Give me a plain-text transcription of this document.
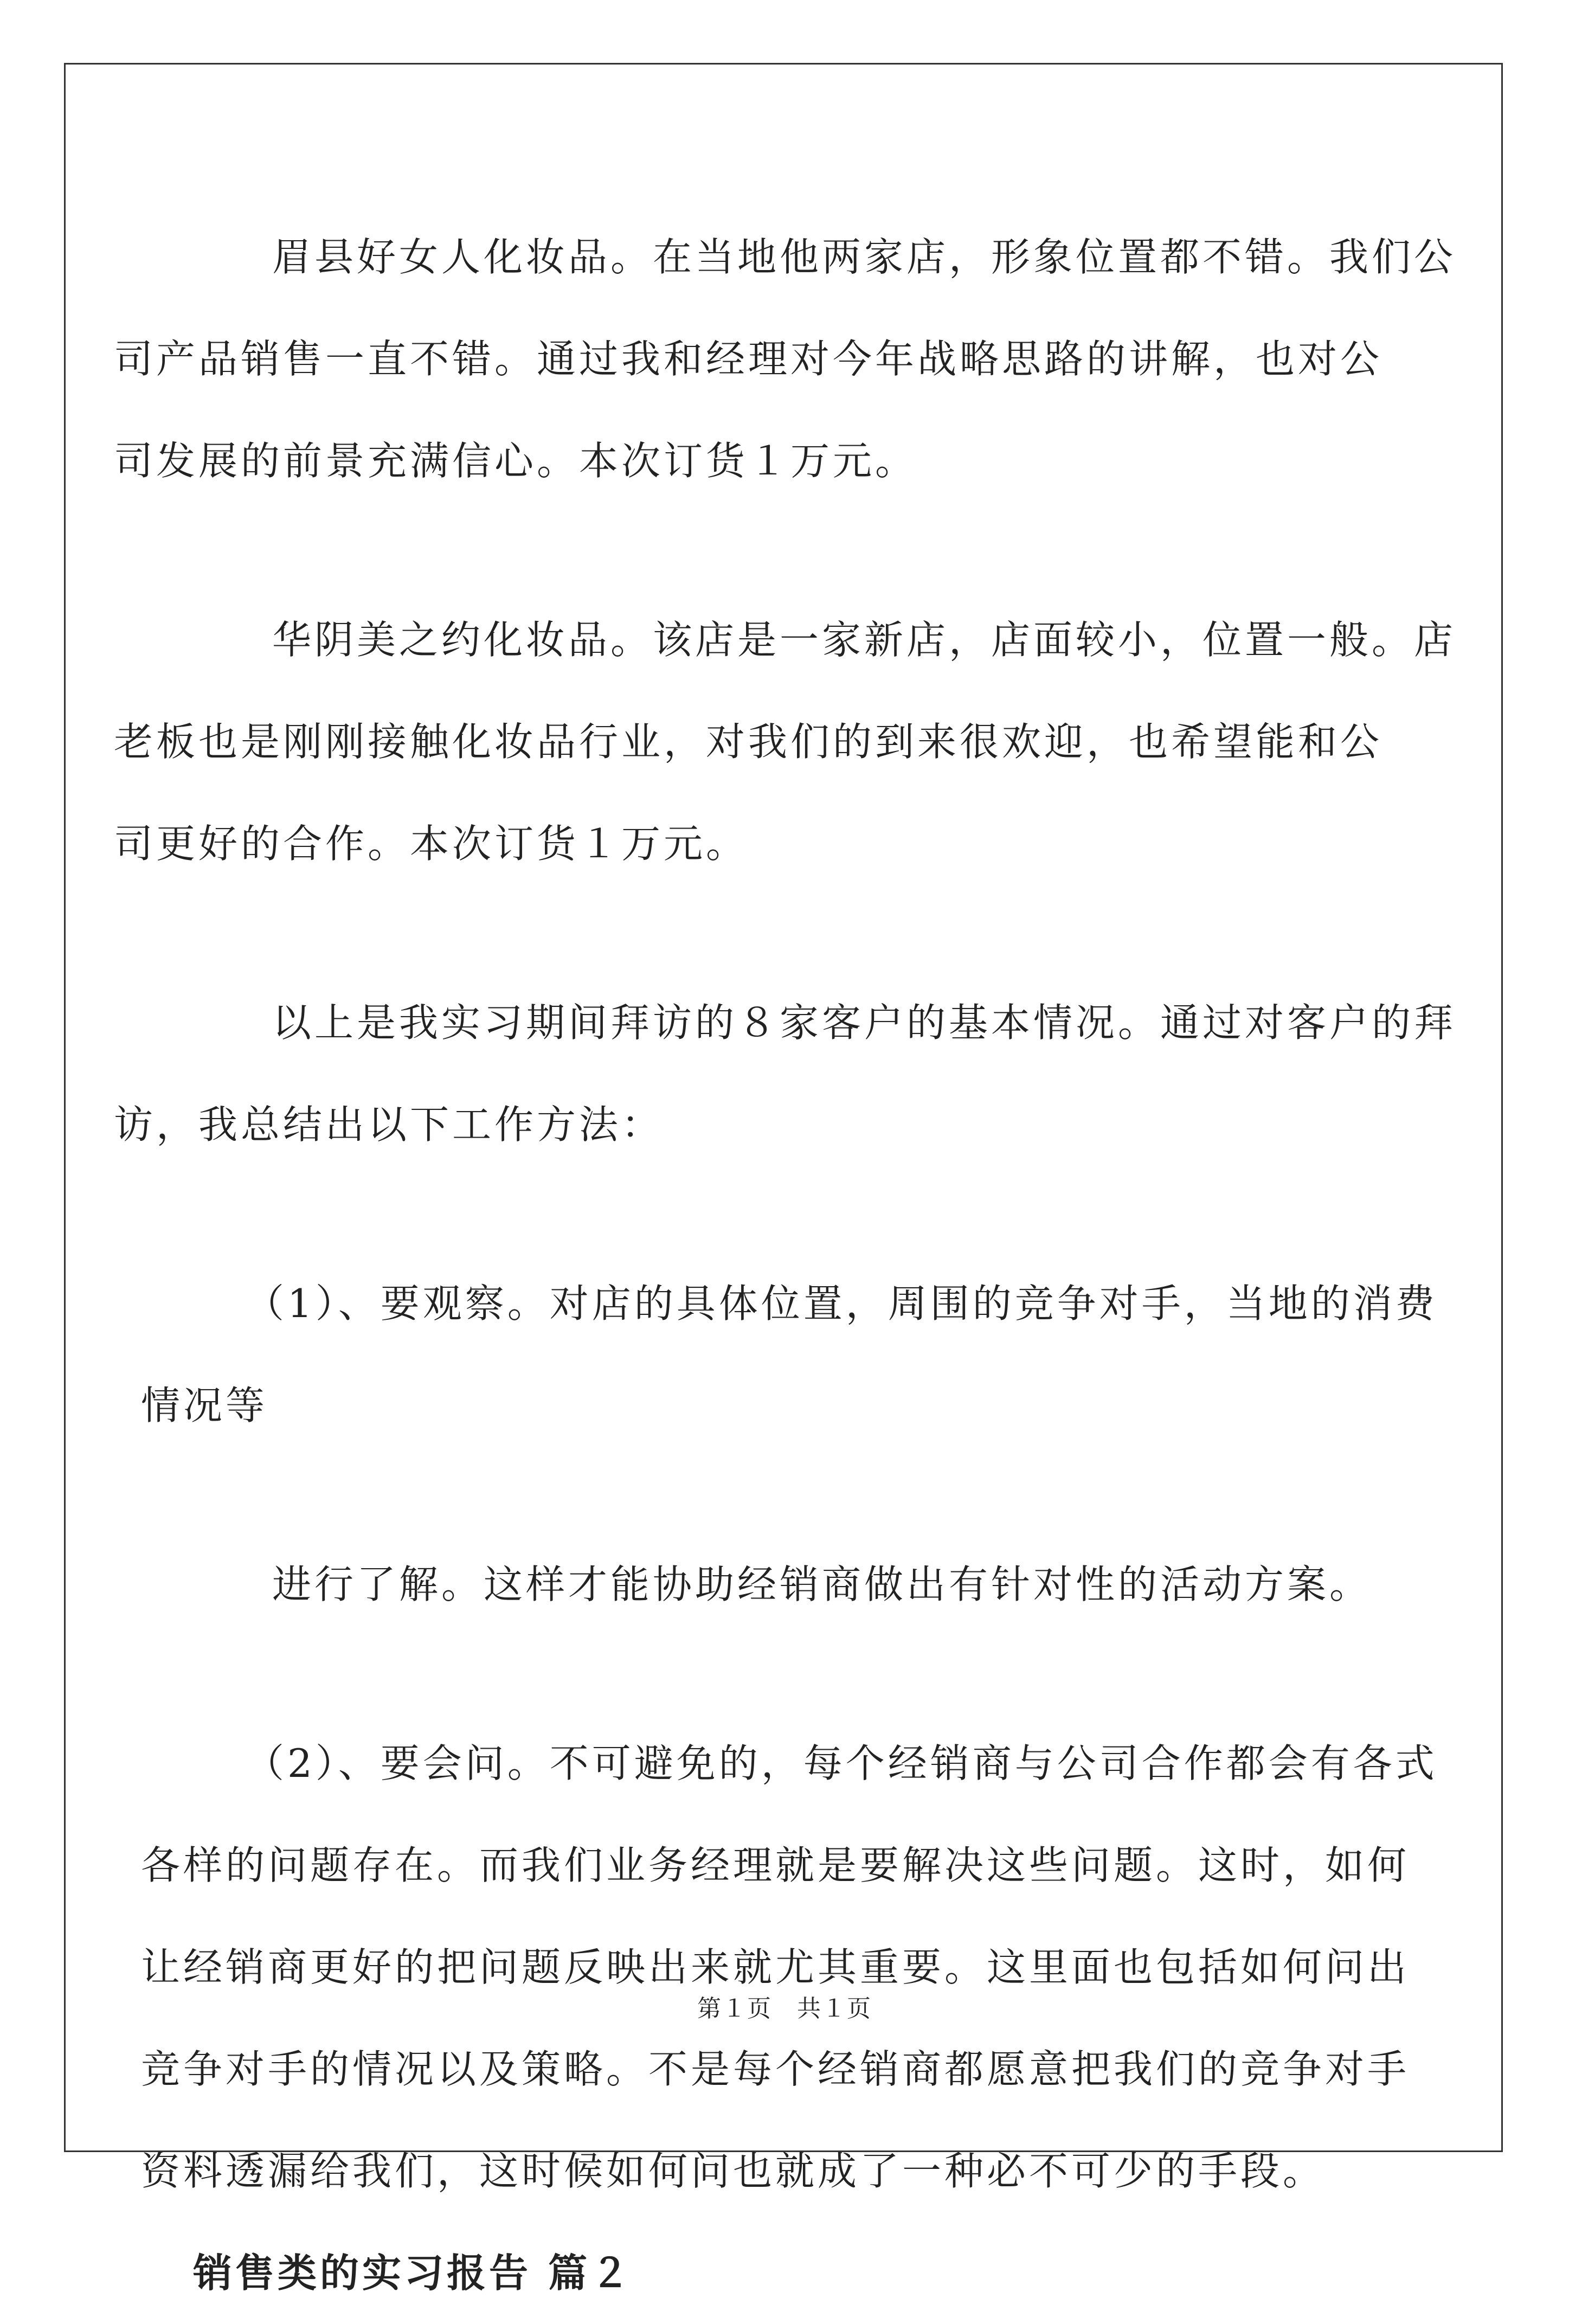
眉县好女人化妆品。在当地他两家店，形象位置都不错。我们公
司产品销售一直不错。通过我和经理对今年战略思路的讲解，也对公
司发展的前景充满信心。本次订货１万元。

华阴美之约化妆品。该店是一家新店，店面较小，位置一般。店
老板也是刚刚接触化妆品行业，对我们的到来很欢迎，也希望能和公
司更好的合作。本次订货１万元。

以上是我实习期间拜访的８家客户的基本情况。通过对客户的拜
访，我总结出以下工作方法：

（1）、要观察。对店的具体位置，周围的竞争对手，当地的消费
情况等

进行了解。这样才能协助经销商做出有针对性的活动方案。

（2）、要会问。不可避免的，每个经销商与公司合作都会有各式
各样的问题存在。而我们业务经理就是要解决这些问题。这时，如何
让经销商更好的把问题反映出来就尤其重要。这里面也包括如何问出
竞争对手的情况以及策略。不是每个经销商都愿意把我们的竞争对手
资料透漏给我们，这时候如何问也就成了一种必不可少的手段。

销售类的实习报告 篇２
第１页　共１页
